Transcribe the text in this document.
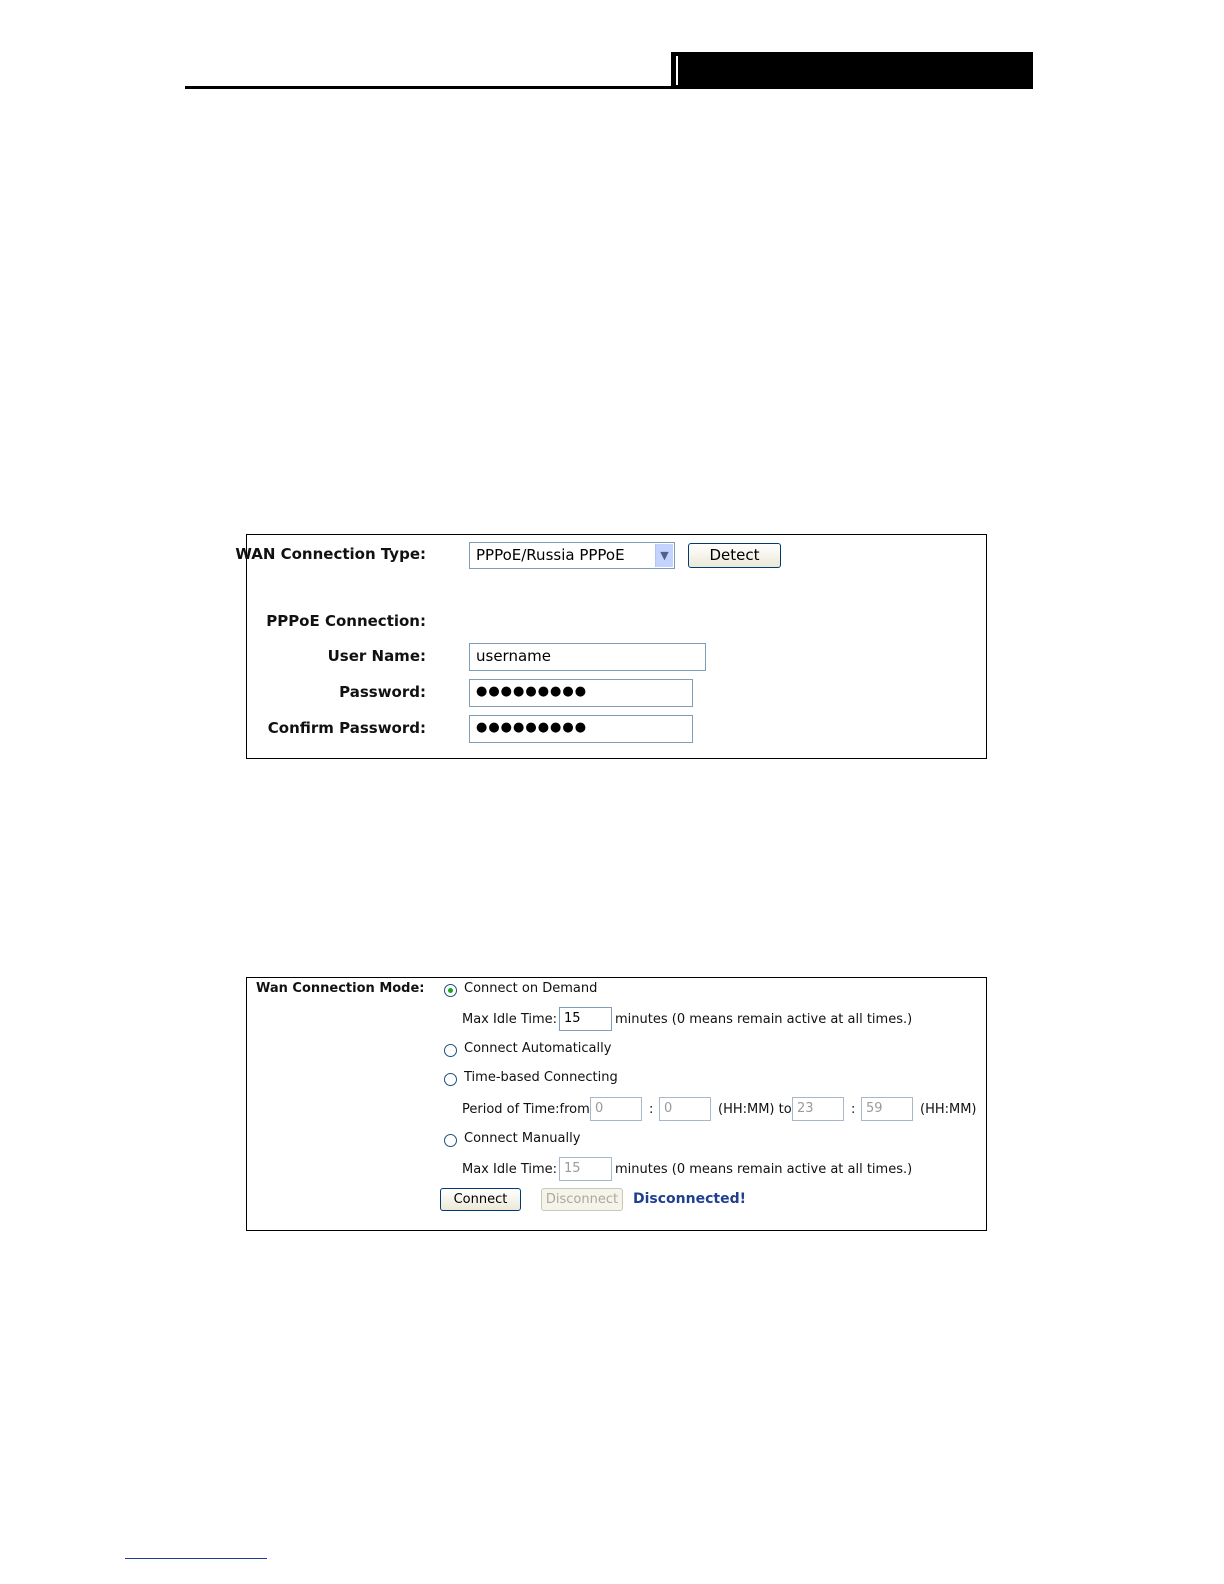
WAN Connection Type:	PPPoE/Russia PPPoE	▼	Detect
PPPoE Connection:
User Name:	username
Password:	●●●●●●●●●
Confirm Password:	●●●●●●●●●
Wan Connection Mode:	Connect on Demand
Max Idle Time: 15	minutes (0 means remain active at all times.)
Connect Automatically
Time-based Connecting
Period of Time:from 0	: 0	(HH:MM) to 23	: 59	(HH:MM)
Connect Manually
Max Idle Time: 15	minutes (0 means remain active at all times.)
Connect	Disconnect	Disconnected!
